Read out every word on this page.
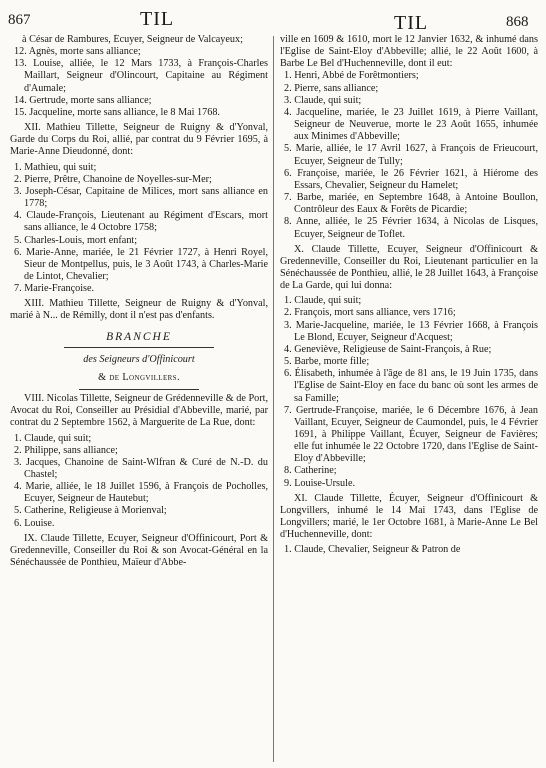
867	TIL	TIL	868

à César de Rambures, Écuyer, Seigneur de Valcayeux;

12. Agnès, morte sans alliance;

13. Louise, alliée, le 12 Mars 1733, à François-Charles Maillart, Seigneur d'Olincourt, Capitaine au Régiment d'Aumale;

14. Gertrude, morte sans alliance;

15. Jacqueline, morte sans alliance, le 8 Mai 1768.

XII. Mathieu Tillette, Seigneur de Ruigny & d'Yonval, Garde du Corps du Roi, allié, par contrat du 9 Février 1695, à Marie-Anne Dieudonné, dont:

1. Mathieu, qui suit;

2. Pierre, Prêtre, Chanoine de Noyelles-sur-Mer;

3. Joseph-César, Capitaine de Milices, mort sans alliance en 1778;

4. Claude-François, Lieutenant au Régiment d'Escars, mort sans alliance, le 4 Octobre 1758;

5. Charles-Louis, mort enfant;

6. Marie-Anne, mariée, le 21 Février 1727, à Henri Royel, Sieur de Montpellus, puis, le 3 Août 1743, à Charles-Marie de Lintot, Chevalier;

7. Marie-Françoise.

XIII. Mathieu Tillette, Seigneur de Ruigny & d'Yonval, marié à N... de Rémilly, dont il n'est pas d'enfants.

BRANCHE

des Seigneurs d'Offinicourt

& de Longvillers.

VIII. Nicolas Tillette, Seigneur de Grédenneville & de Port, Avocat du Roi, Conseiller au Présidial d'Abbeville, marié, par contrat du 2 Septembre 1562, à Marguerite de La Rue, dont:

1. Claude, qui suit;

2. Philippe, sans alliance;

3. Jacques, Chanoine de Saint-Wlfran & Curé de N.-D. du Chastel;

4. Marie, alliée, le 18 Juillet 1596, à François de Pocholles, Ecuyer, Seigneur de Hautebut;

5. Catherine, Religieuse à Morienval;

6. Louise.

IX. Claude Tillette, Ecuyer, Seigneur d'Offinicourt, Port & Gredenneville, Conseiller du Roi & son Avocat-Général en la Sénéchaussée de Ponthieu, Maïeur d'Abbe-

ville en 1609 & 1610, mort le 12 Janvier 1632, & inhumé dans l'Eglise de Saint-Eloy d'Abbeville; allié, le 22 Août 1600, à Barbe Le Bel d'Huchenneville, dont il eut:

1. Henri, Abbé de Forêtmontiers;

2. Pierre, sans alliance;

3. Claude, qui suit;

4. Jacqueline, mariée, le 23 Juillet 1619, à Pierre Vaillant, Seigneur de Neuverue, morte le 23 Août 1655, inhumée aux Minimes d'Abbeville;

5. Marie, alliée, le 17 Avril 1627, à François de Frieucourt, Ecuyer, Seigneur de Tully;

6. Françoise, mariée, le 26 Février 1621, à Hiérome des Essars, Chevalier, Seigneur du Hamelet;

7. Barbe, mariée, en Septembre 1648, à Antoine Boullon, Contrôleur des Eaux & Forêts de Picardie;

8. Anne, alliée, le 25 Février 1634, à Nicolas de Lisques, Ecuyer, Seigneur de Toflet.

X. Claude Tillette, Ecuyer, Seigneur d'Offinicourt & Gredenneville, Conseiller du Roi, Lieutenant particulier en la Sénéchaussée de Ponthieu, allié, le 28 Juillet 1643, à Françoise de La Garde, qui lui donna:

1. Claude, qui suit;

2. François, mort sans alliance, vers 1716;

3. Marie-Jacqueline, mariée, le 13 Février 1668, à François Le Blond, Ecuyer, Seigneur d'Acquest;

4. Geneviève, Religieuse de Saint-François, à Rue;

5. Barbe, morte fille;

6. Élisabeth, inhumée à l'âge de 81 ans, le 19 Juin 1735, dans l'Eglise de Saint-Eloy en face du banc où sont les armes de sa Famille;

7. Gertrude-Françoise, mariée, le 6 Décembre 1676, à Jean Vaillant, Ecuyer, Seigneur de Caumondel, puis, le 4 Février 1691, à Philippe Vaillant, Écuyer, Seigneur de Favières; elle fut inhumée le 22 Octobre 1720, dans l'Eglise de Saint-Eloy d'Abbeville;

8. Catherine;

9. Louise-Ursule.

XI. Claude Tillette, Écuyer, Seigneur d'Offinicourt & Longvillers, inhumé le 14 Mai 1743, dans l'Eglise de Longvillers; marié, le 1er Octobre 1681, à Marie-Anne Le Bel d'Huchenneville, dont:

1. Claude, Chevalier, Seigneur & Patron de
